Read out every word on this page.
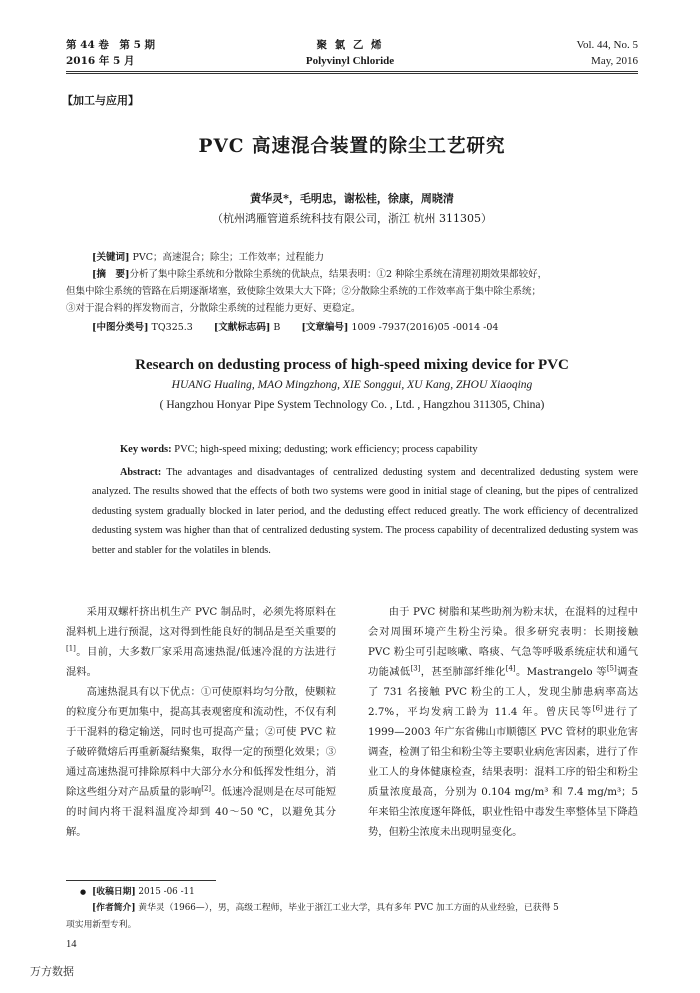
第 44 卷　第 5 期
2016 年 5 月
聚 氯 乙 烯
Polyvinyl Chloride
Vol. 44, No. 5
May, 2016
【加工与应用】
PVC 高速混合装置的除尘工艺研究
黄华灵*，毛明忠，谢松桂，徐康，周晓清
（杭州鸿雁管道系统科技有限公司，浙江 杭州 311305）
[关键词] PVC；高速混合；除尘；工作效率；过程能力
[摘　要]分析了集中除尘系统和分散除尘系统的优缺点，结果表明：①2 种除尘系统在清理初期效果都较好，
但集中除尘系统的管路在后期逐渐堵塞，致使除尘效果大大下降；②分散除尘系统的工作效率高于集中除尘系统；
③对于混合料的挥发物而言，分散除尘系统的过程能力更好、更稳定。
[中图分类号] TQ325.3 [文献标志码] B [文章编号] 1009 -7937(2016)05 -0014 -04
Research on dedusting process of high-speed mixing device for PVC
HUANG Hualing, MAO Mingzhong, XIE Songgui, XU Kang, ZHOU Xiaoqing
( Hangzhou Honyar Pipe System Technology Co. , Ltd. , Hangzhou 311305, China)
Key words: PVC; high-speed mixing; dedusting; work efficiency; process capability
Abstract: The advantages and disadvantages of centralized dedusting system and decentralized dedusting system were analyzed. The results showed that the effects of both two systems were good in initial stage of cleaning, but the pipes of centralized dedusting system gradually blocked in later period, and the dedusting effect reduced greatly. The work efficiency of decentralized dedusting system was higher than that of centralized dedusting system. The process capability of decentralized dedusting system was better and stabler for the volatiles in blends.

采用双螺杆挤出机生产 PVC 制品时，必须先将原料在混料机上进行预混，这对得到性能良好的制品是至关重要的[1]。目前，大多数厂家采用高速热混/低速冷混的方法进行混料。

高速热混具有以下优点：①可使原料均匀分散，使颗粒的粒度分布更加集中，提高其表观密度和流动性，不仅有利于干混料的稳定输送，同时也可提高产量；②可使 PVC 粒子破碎微熔后再重新凝结聚集，取得一定的预塑化效果；③通过高速热混可排除原料中大部分水分和低挥发性组分，消除这些组分对产品质量的影响[2]。低速冷混则是在尽可能短的时间内将干混料温度冷却到 40～50 ℃，以避免其分解。

由于 PVC 树脂和某些助剂为粉末状，在混料的过程中会对周围环境产生粉尘污染。很多研究表明：长期接触 PVC 粉尘可引起咳嗽、咯痰、气急等呼吸系统症状和通气功能减低[3]，甚至肺部纤维化[4]。Mastrangelo 等[5]调查了 731 名接触 PVC 粉尘的工人，发现尘肺患病率高达 2.7%，平均发病工龄为 11.4 年。曾庆民等[6]进行了 1999—2003 年广东省佛山市顺德区 PVC 管材的职业危害调查，检测了铅尘和粉尘等主要职业病危害因素，进行了作业工人的身体健康检查，结果表明：混料工序的铅尘和粉尘质量浓度最高，分别为 0.104 mg/m³ 和 7.4 mg/m³；5 年来铅尘浓度逐年降低，职业性铅中毒发生率整体呈下降趋势，但粉尘浓度未出现明显变化。

● [收稿日期] 2015 -06 -11
[作者简介] 黄华灵（1966—），男，高级工程师，毕业于浙江工业大学，具有多年 PVC 加工方面的从业经验，已获得 5
项实用新型专利。
14
万方数据
